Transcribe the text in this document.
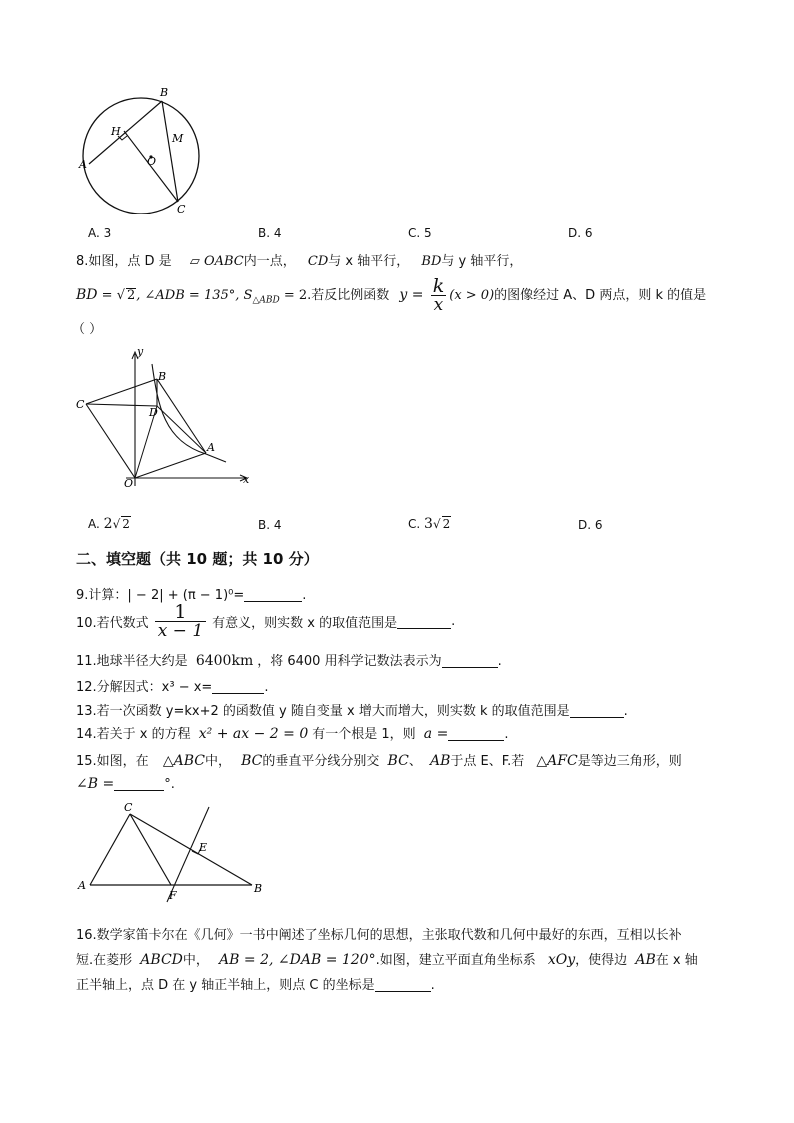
B
H
M
O
A
C
A. 3	B. 4	C. 5	D. 6
8.如图，点 D 是 ▱ OABC内一点， CD与 x 轴平行， BD与 y 轴平行，
BD = √ 2, ∠ADB = 135°, $S_{\triangle ABD} = 2$.若反比例函数 $y = \frac{k}{x} (x > 0)$的图像经过 A、D 两点，则 k 的值是
（ ）
y
B
C
D
A
O	x
A. 2√ 2	B. 4	C. 3√ 2	D. 6
二、填空题（共 10 题；共 10 分）
9.计算：| − 2| + (π − 1)⁰=	.
10.若代数式 $\frac{1}{x - 1}$ 有意义，则实数 x 的取值范围是	.
11.地球半径大约是 6400km ，将 6400 用科学记数法表示为	.
12.分解因式：x³ − x=	.
13.若一次函数 y=kx+2 的函数值 y 随自变量 x 增大而增大，则实数 k 的取值范围是	.
14.若关于 x 的方程 x² + ax − 2 = 0 有一个根是 1，则 a =	.
15.如图，在 △ABC中， BC的垂直平分线分别交 BC、 AB于点 E、F.若 △AFC是等边三角形，则
∠B =	°.
C
E
A	B
F
16.数学家笛卡尔在《几何》一书中阐述了坐标几何的思想，主张取代数和几何中最好的东西，互相以长补
短.在菱形 ABCD中， AB = 2, ∠DAB = 120°.如图，建立平面直角坐标系 xOy，使得边 AB在 x 轴
正半轴上，点 D 在 y 轴正半轴上，则点 C 的坐标是	.
